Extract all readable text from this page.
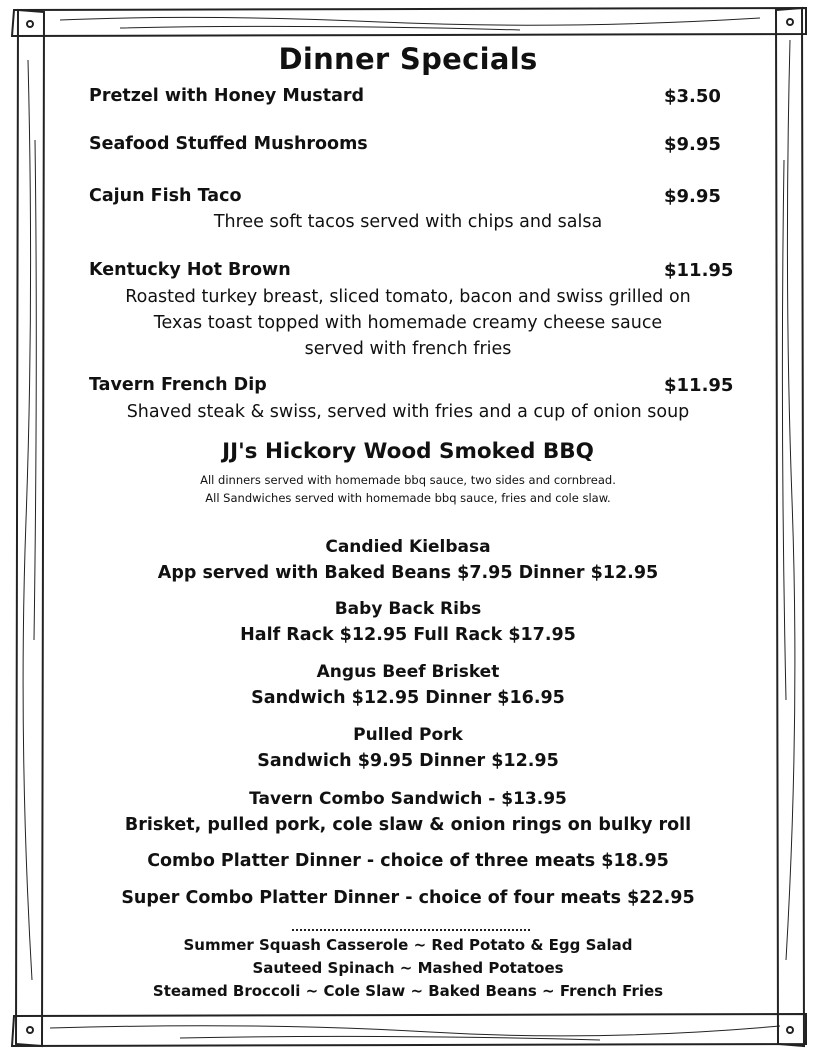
Dinner Specials
Pretzel with Honey Mustard	$3.50
Seafood Stuffed Mushrooms	$9.95
Cajun Fish Taco	$9.95
Three soft tacos served with chips and salsa
Kentucky Hot Brown	$11.95
Roasted turkey breast, sliced tomato, bacon and swiss grilled on
Texas toast topped with homemade creamy cheese sauce
served with french fries
Tavern French Dip	$11.95
Shaved steak & swiss, served with fries and a cup of onion soup
JJ's Hickory Wood Smoked BBQ
All dinners served with homemade bbq sauce, two sides and cornbread.
All Sandwiches served with homemade bbq sauce, fries and cole slaw.
Candied Kielbasa
App served with Baked Beans $7.95 Dinner $12.95
Baby Back Ribs
Half Rack $12.95 Full Rack $17.95
Angus Beef Brisket
Sandwich $12.95 Dinner $16.95
Pulled Pork
Sandwich $9.95 Dinner $12.95
Tavern Combo Sandwich - $13.95
Brisket, pulled pork, cole slaw & onion rings on bulky roll
Combo Platter Dinner - choice of three meats $18.95
Super Combo Platter Dinner - choice of four meats $22.95
Summer Squash Casserole ~ Red Potato & Egg Salad
Sauteed Spinach ~ Mashed Potatoes
Steamed Broccoli ~ Cole Slaw ~ Baked Beans ~ French Fries
